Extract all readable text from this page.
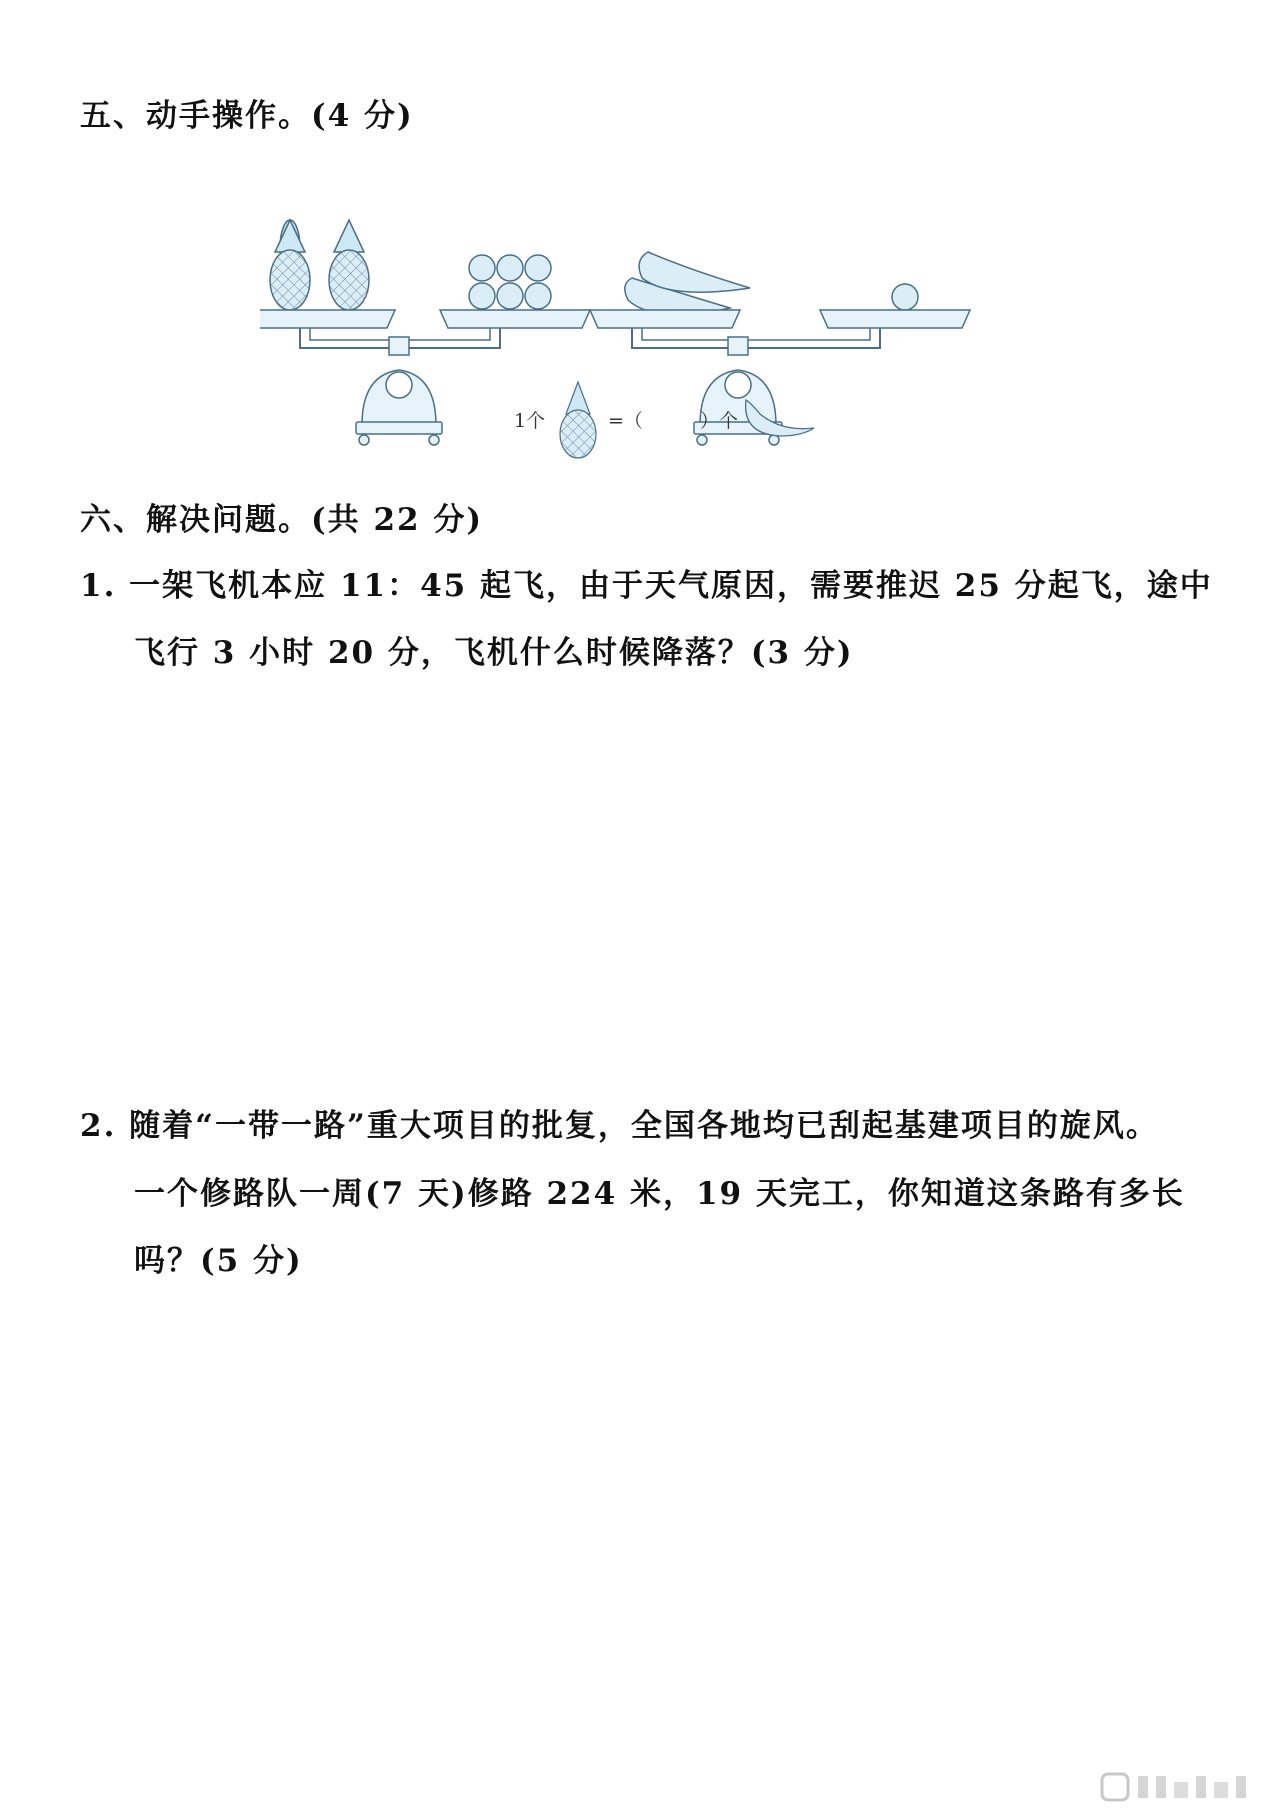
五、动手操作。(4 分)
1个	=（	）个
六、解决问题。(共 22 分)
1. 一架飞机本应 11：45 起飞，由于天气原因，需要推迟 25 分起飞，途中
飞行 3 小时 20 分，飞机什么时候降落？(3 分)
2. 随着“一带一路”重大项目的批复，全国各地均已刮起基建项目的旋风。
一个修路队一周(7 天)修路 224 米，19 天完工，你知道这条路有多长
吗？(5 分)
